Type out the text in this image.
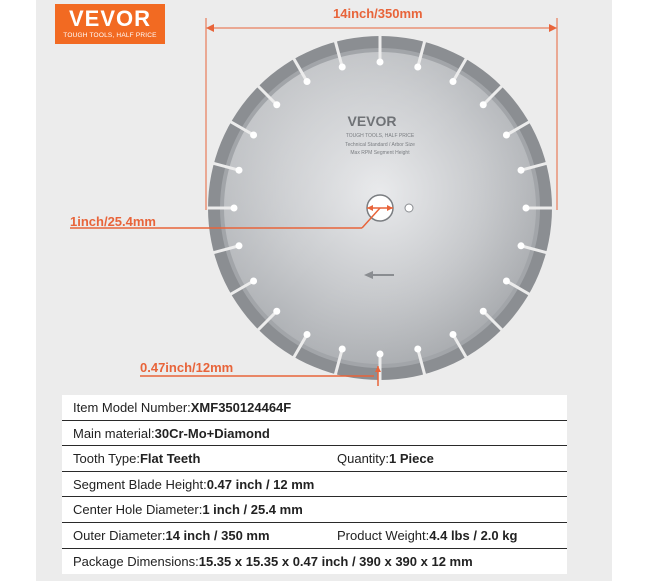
VEVOR
TOUGH TOOLS, HALF PRICE
VEVOR
TOUGH TOOLS, HALF PRICE
Technical Standard / Arbor Size
Max RPM Segment Height
14inch/350mm
1inch/25.4mm
0.47inch/12mm
Item Model Number:XMF350124464F
Main material:30Cr-Mo+Diamond
Tooth Type:Flat Teeth	Quantity:1 Piece
Segment Blade Height:0.47 inch / 12 mm
Center Hole Diameter:1 inch / 25.4 mm
Outer Diameter:14 inch / 350 mm	Product Weight:4.4 lbs / 2.0 kg
Package Dimensions:15.35 x 15.35 x 0.47 inch / 390 x 390 x 12 mm
